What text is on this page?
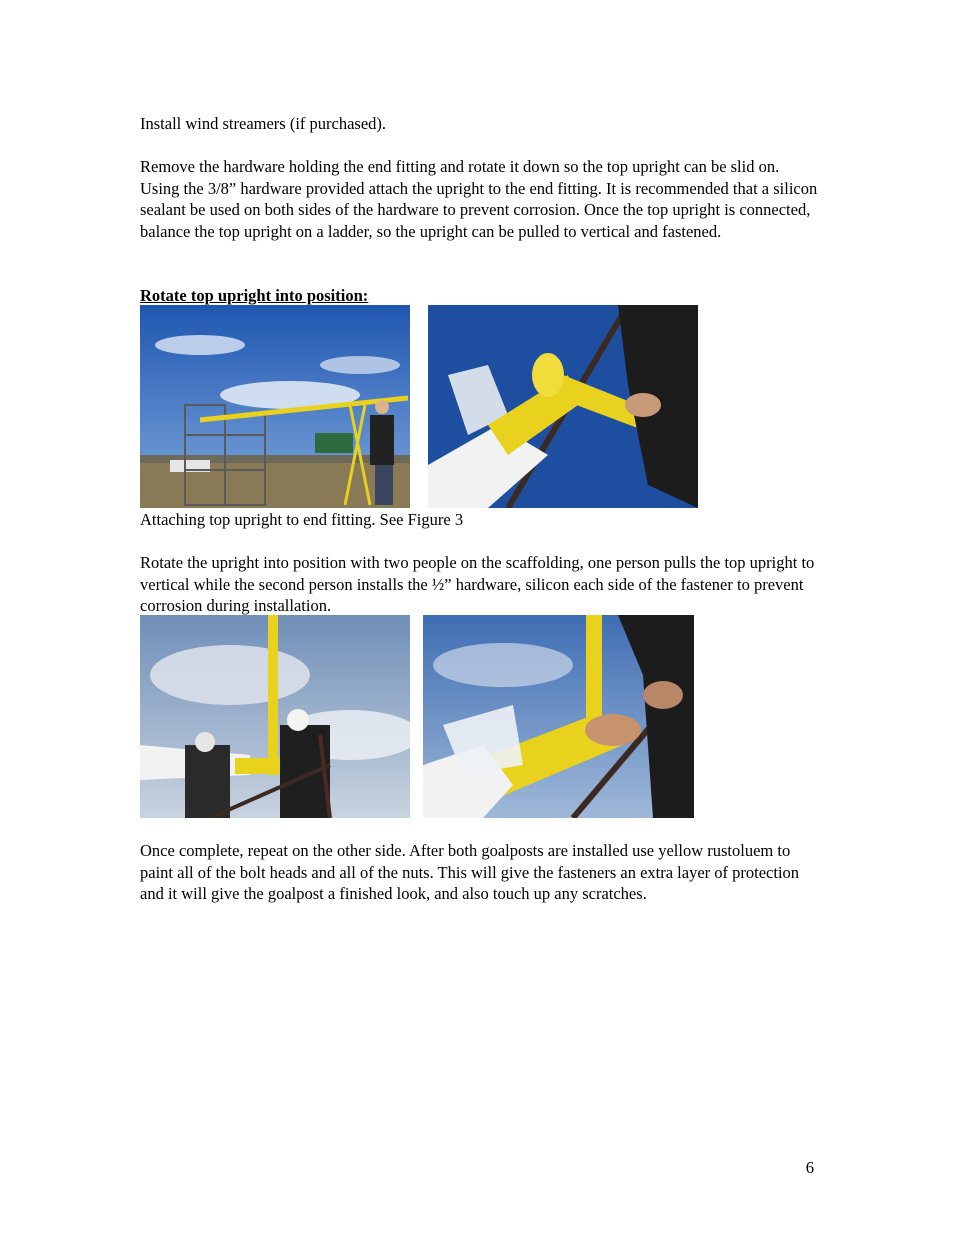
Install wind streamers (if purchased).

Remove the hardware holding the end fitting and rotate it down so the top upright can be slid on. Using the 3/8” hardware provided attach the upright to the end fitting. It is recommended that a silicon sealant be used on both sides of the hardware to prevent corrosion. Once the top upright is connected, balance the top upright on a ladder, so the upright can be pulled to vertical and fastened.

Rotate top upright into position:

Attaching top upright to end fitting. See Figure 3

Rotate the upright into position with two people on the scaffolding, one person pulls the top upright to vertical while the second person installs the ½” hardware, silicon each side of the fastener to prevent corrosion during installation.

Once complete, repeat on the other side. After both goalposts are installed use yellow rustoluem to paint all of the bolt heads and all of the nuts. This will give the fasteners an extra layer of protection and it will give the goalpost a finished look, and also touch up any scratches.

6
